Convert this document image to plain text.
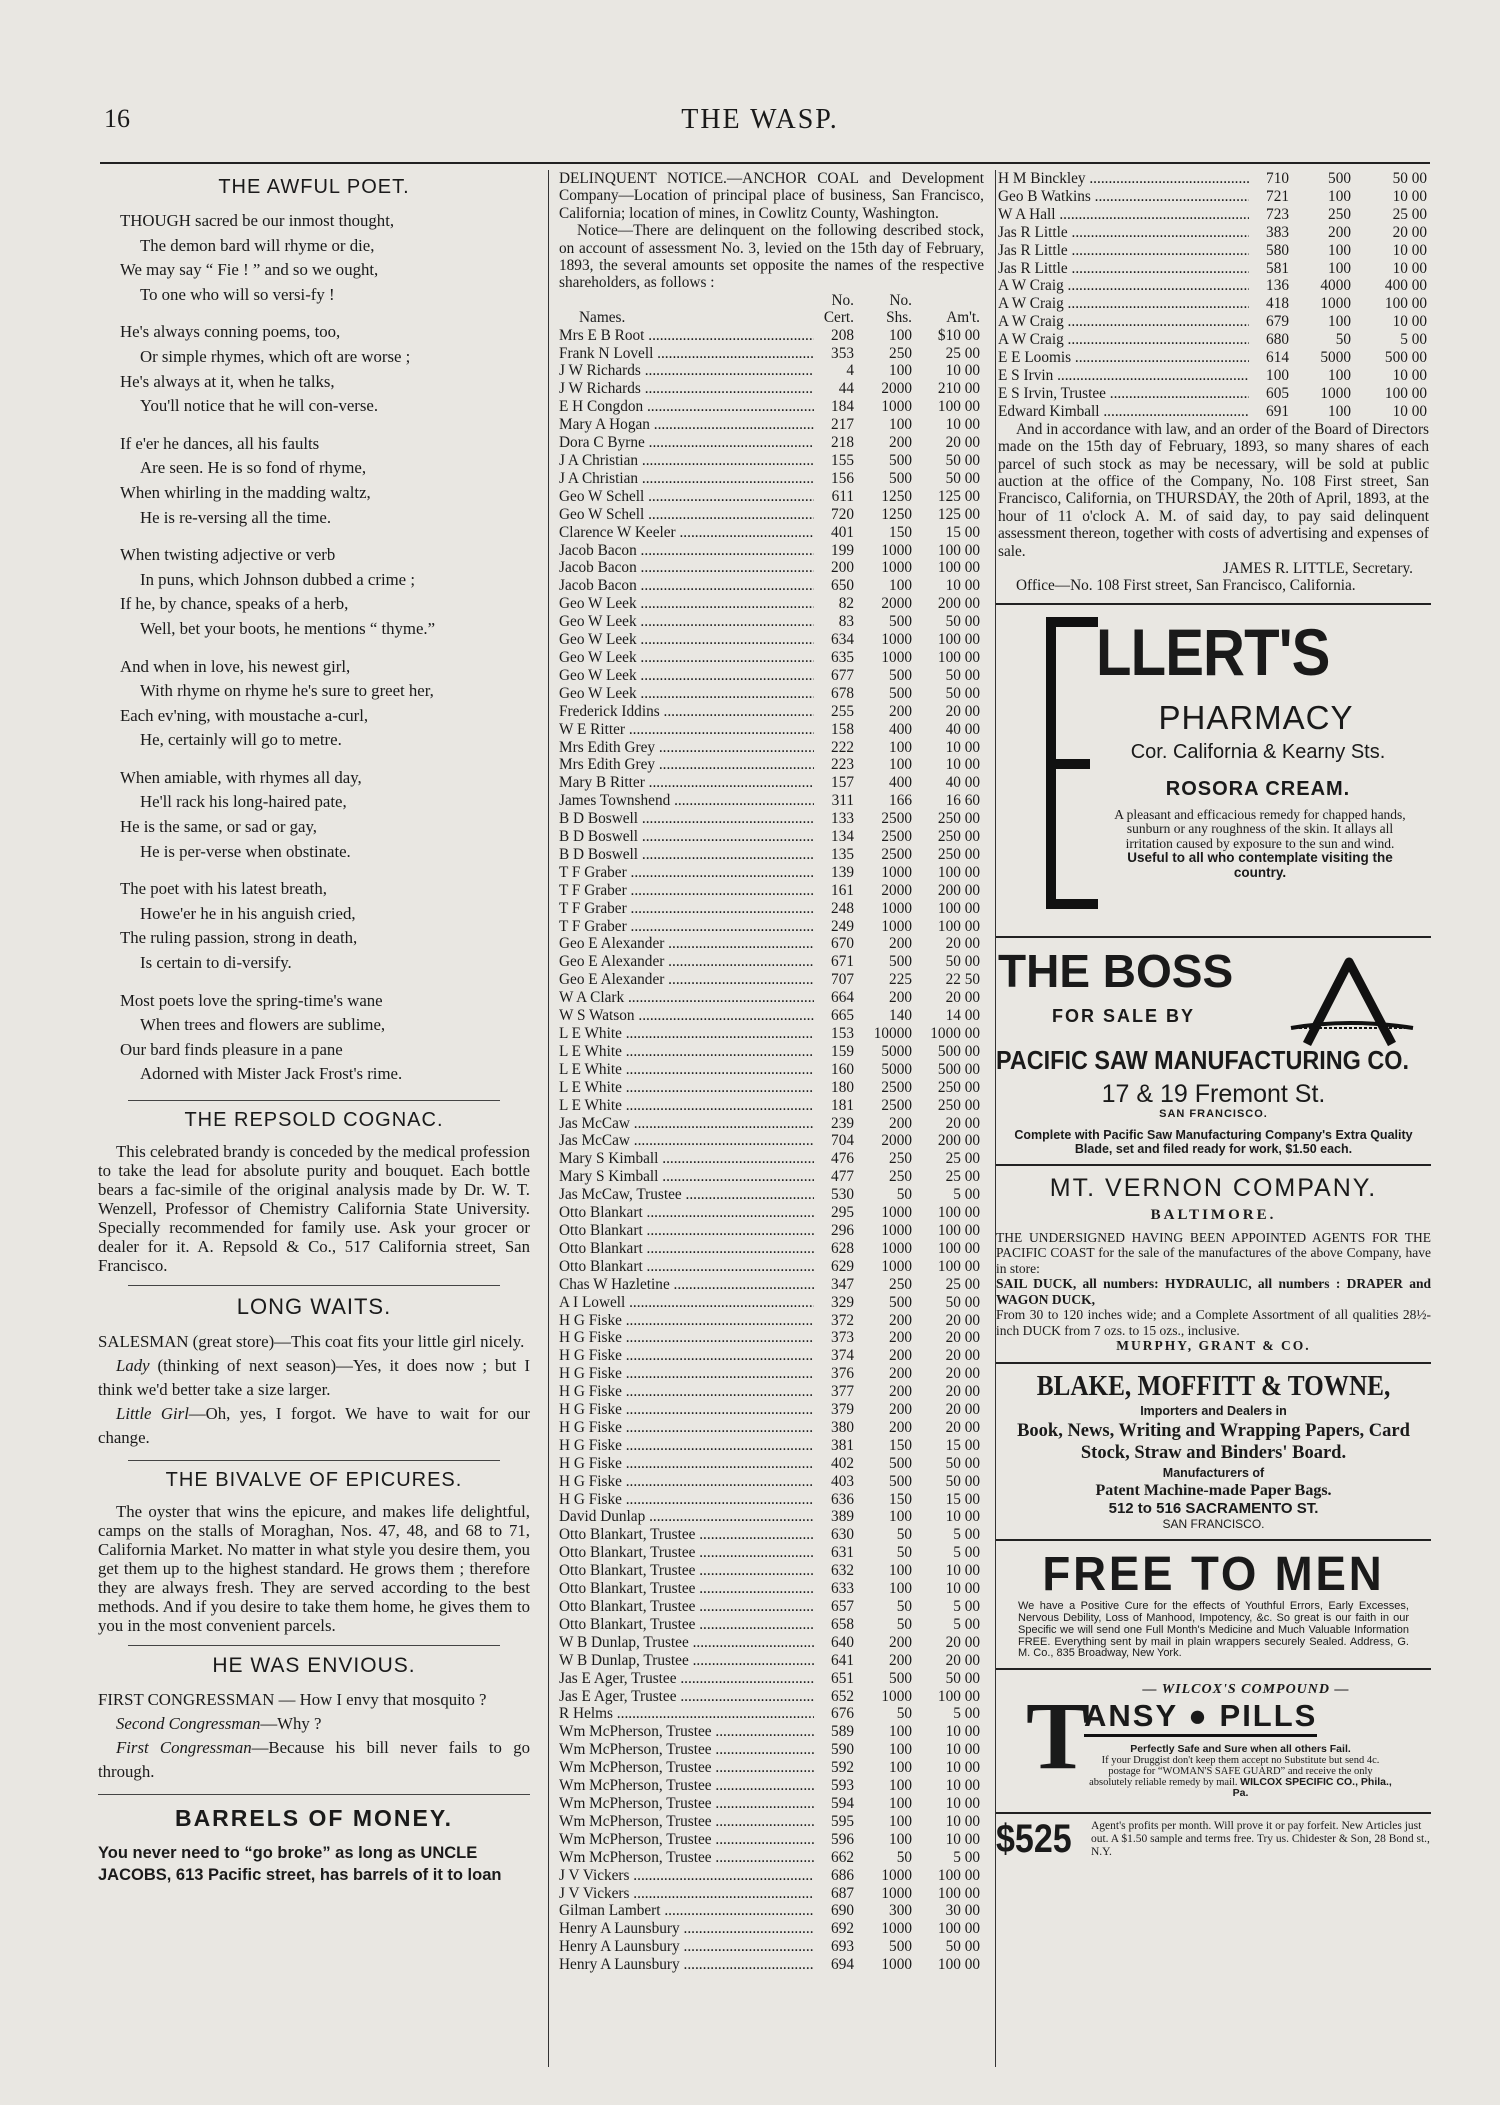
16	THE WASP.
THE AWFUL POET.

THOUGH sacred be our inmost thought,

The demon bard will rhyme or die,

We may say “ Fie ! ” and so we ought,

To one who will so versi-fy !

He's always conning poems, too,

Or simple rhymes, which oft are worse ;

He's always at it, when he talks,

You'll notice that he will con-verse.

If e'er he dances, all his faults

Are seen. He is so fond of rhyme,

When whirling in the madding waltz,

He is re-versing all the time.

When twisting adjective or verb

In puns, which Johnson dubbed a crime ;

If he, by chance, speaks of a herb,

Well, bet your boots, he mentions “ thyme.”

And when in love, his newest girl,

With rhyme on rhyme he's sure to greet her,

Each ev'ning, with moustache a-curl,

He, certainly will go to metre.

When amiable, with rhymes all day,

He'll rack his long-haired pate,

He is the same, or sad or gay,

He is per-verse when obstinate.

The poet with his latest breath,

Howe'er he in his anguish cried,

The ruling passion, strong in death,

Is certain to di-versify.

Most poets love the spring-time's wane

When trees and flowers are sublime,

Our bard finds pleasure in a pane

Adorned with Mister Jack Frost's rime.

THE REPSOLD COGNAC.

This celebrated brandy is conceded by the medical profession to take the lead for absolute purity and bouquet. Each bottle bears a fac-simile of the original analysis made by Dr. W. T. Wenzell, Professor of Chemistry California State University. Specially recommended for family use. Ask your grocer or dealer for it. A. Repsold & Co., 517 California street, San Francisco.

LONG WAITS.

SALESMAN (great store)—This coat fits your little girl nicely.

Lady (thinking of next season)—Yes, it does now ; but I think we'd better take a size larger.

Little Girl—Oh, yes, I forgot. We have to wait for our change.

THE BIVALVE OF EPICURES.

The oyster that wins the epicure, and makes life delightful, camps on the stalls of Moraghan, Nos. 47, 48, and 68 to 71, California Market. No matter in what style you desire them, you get them up to the highest standard. He grows them ; therefore they are always fresh. They are served according to the best methods. And if you desire to take them home, he gives them to you in the most convenient parcels.

HE WAS ENVIOUS.

FIRST CONGRESSMAN — How I envy that mosquito ?

Second Congressman—Why ?

First Congressman—Because his bill never fails to go through.

BARRELS OF MONEY.

You never need to “go broke” as long as UNCLE JACOBS, 613 Pacific street, has barrels of it to loan

DELINQUENT NOTICE.—ANCHOR COAL and Development Company—Location of principal place of business, San Francisco, California; location of mines, in Cowlitz County, Washington.

Notice—There are delinquent on the following described stock, on account of assessment No. 3, levied on the 15th day of February, 1893, the several amounts set opposite the names of the respective shareholders, as follows :

No.	No.
Names.	Cert.	Shs.	Am't.
Mrs E B Root .....	208	100	$10 00
Frank N Lovell .....	353	250	25 00
J W Richards .....	4	100	10 00
J W Richards .....	44	2000	210 00
E H Congdon .....	184	1000	100 00
Mary A Hogan .....	217	100	10 00
Dora C Byrne .....	218	200	20 00
J A Christian .....	155	500	50 00
J A Christian .....	156	500	50 00
Geo W Schell .....	611	1250	125 00
Geo W Schell .....	720	1250	125 00
Clarence W Keeler .....	401	150	15 00
Jacob Bacon .....	199	1000	100 00
Jacob Bacon .....	200	1000	100 00
Jacob Bacon .....	650	100	10 00
Geo W Leek .....	82	2000	200 00
Geo W Leek .....	83	500	50 00
Geo W Leek .....	634	1000	100 00
Geo W Leek .....	635	1000	100 00
Geo W Leek .....	677	500	50 00
Geo W Leek .....	678	500	50 00
Frederick Iddins .....	255	200	20 00
W E Ritter .....	158	400	40 00
Mrs Edith Grey .....	222	100	10 00
Mrs Edith Grey .....	223	100	10 00
Mary B Ritter .....	157	400	40 00
James Townshend .....	311	166	16 60
B D Boswell .....	133	2500	250 00
B D Boswell .....	134	2500	250 00
B D Boswell .....	135	2500	250 00
T F Graber .....	139	1000	100 00
T F Graber .....	161	2000	200 00
T F Graber .....	248	1000	100 00
T F Graber .....	249	1000	100 00
Geo E Alexander .....	670	200	20 00
Geo E Alexander .....	671	500	50 00
Geo E Alexander .....	707	225	22 50
W A Clark .....	664	200	20 00
W S Watson .....	665	140	14 00
L E White .....	153	10000	1000 00
L E White .....	159	5000	500 00
L E White .....	160	5000	500 00
L E White .....	180	2500	250 00
L E White .....	181	2500	250 00
Jas McCaw .....	239	200	20 00
Jas McCaw .....	704	2000	200 00
Mary S Kimball .....	476	250	25 00
Mary S Kimball .....	477	250	25 00
Jas McCaw, Trustee .....	530	50	5 00
Otto Blankart .....	295	1000	100 00
Otto Blankart .....	296	1000	100 00
Otto Blankart .....	628	1000	100 00
Otto Blankart .....	629	1000	100 00
Chas W Hazletine .....	347	250	25 00
A I Lowell .....	329	500	50 00
H G Fiske .....	372	200	20 00
H G Fiske .....	373	200	20 00
H G Fiske .....	374	200	20 00
H G Fiske .....	376	200	20 00
H G Fiske .....	377	200	20 00
H G Fiske .....	379	200	20 00
H G Fiske .....	380	200	20 00
H G Fiske .....	381	150	15 00
H G Fiske .....	402	500	50 00
H G Fiske .....	403	500	50 00
H G Fiske .....	636	150	15 00
David Dunlap .....	389	100	10 00
Otto Blankart, Trustee .....	630	50	5 00
Otto Blankart, Trustee .....	631	50	5 00
Otto Blankart, Trustee .....	632	100	10 00
Otto Blankart, Trustee .....	633	100	10 00
Otto Blankart, Trustee .....	657	50	5 00
Otto Blankart, Trustee .....	658	50	5 00
W B Dunlap, Trustee .....	640	200	20 00
W B Dunlap, Trustee .....	641	200	20 00
Jas E Ager, Trustee .....	651	500	50 00
Jas E Ager, Trustee .....	652	1000	100 00
R Helms .....	676	50	5 00
Wm McPherson, Trustee .....	589	100	10 00
Wm McPherson, Trustee .....	590	100	10 00
Wm McPherson, Trustee .....	592	100	10 00
Wm McPherson, Trustee .....	593	100	10 00
Wm McPherson, Trustee .....	594	100	10 00
Wm McPherson, Trustee .....	595	100	10 00
Wm McPherson, Trustee .....	596	100	10 00
Wm McPherson, Trustee .....	662	50	5 00
J V Vickers .....	686	1000	100 00
J V Vickers .....	687	1000	100 00
Gilman Lambert .....	690	300	30 00
Henry A Launsbury .....	692	1000	100 00
Henry A Launsbury .....	693	500	50 00
Henry A Launsbury .....	694	1000	100 00
H M Binckley .....	710	500	50 00
Geo B Watkins .....	721	100	10 00
W A Hall .....	723	250	25 00
Jas R Little .....	383	200	20 00
Jas R Little .....	580	100	10 00
Jas R Little .....	581	100	10 00
A W Craig .....	136	4000	400 00
A W Craig .....	418	1000	100 00
A W Craig .....	679	100	10 00
A W Craig .....	680	50	5 00
E E Loomis .....	614	5000	500 00
E S Irvin .....	100	100	10 00
E S Irvin, Trustee .....	605	1000	100 00
Edward Kimball .....	691	100	10 00

And in accordance with law, and an order of the Board of Directors made on the 15th day of February, 1893, so many shares of each parcel of such stock as may be necessary, will be sold at public auction at the office of the Company, No. 108 First street, San Francisco, California, on THURSDAY, the 20th of April, 1893, at the hour of 11 o'clock A. M. of said day, to pay said delinquent assessment thereon, together with costs of advertising and expenses of sale.

JAMES R. LITTLE, Secretary.

Office—No. 108 First street, San Francisco, California.

LLERT'S
PHARMACY
Cor. California & Kearny Sts.
ROSORA CREAM.
A pleasant and efficacious remedy for chapped hands, sunburn or any roughness of the skin. It allays all irritation caused by exposure to the sun and wind. Useful to all who contemplate visiting the country.
THE BOSS
FOR SALE BY
PACIFIC SAW MANUFACTURING CO.
17 & 19 Fremont St.
SAN FRANCISCO.
Complete with Pacific Saw Manufacturing Company's Extra Quality Blade, set and filed ready for work, $1.50 each.
MT. VERNON COMPANY.
BALTIMORE.

THE UNDERSIGNED HAVING BEEN APPOINTED AGENTS FOR THE PACIFIC COAST for the sale of the manufactures of the above Company, have in store:

SAIL DUCK, all numbers: HYDRAULIC, all numbers : DRAPER and WAGON DUCK,

From 30 to 120 inches wide; and a Complete Assortment of all qualities 28½-inch DUCK from 7 ozs. to 15 ozs., inclusive.

MURPHY, GRANT & CO.
BLAKE, MOFFITT & TOWNE,
Importers and Dealers in
Book, News, Writing and Wrapping Papers, Card Stock, Straw and Binders' Board.
Manufacturers of
Patent Machine-made Paper Bags.
512 to 516 SACRAMENTO ST.
SAN FRANCISCO.
FREE TO MEN

We have a Positive Cure for the effects of Youthful Errors, Early Excesses, Nervous Debility, Loss of Manhood, Impotency, &c. So great is our faith in our Specific we will send one Full Month's Medicine and Much Valuable Information FREE. Everything sent by mail in plain wrappers securely Sealed. Address, G. M. Co., 835 Broadway, New York.

T	— WILCOX'S COMPOUND —
ANSY ● PILLS
Perfectly Safe and Sure when all others Fail.
If your Druggist don't keep them accept no Substitute but send 4c. postage for “WOMAN'S SAFE GUARD” and receive the only absolutely reliable remedy by mail. WILCOX SPECIFIC CO., Phila., Pa.
$525 Agent's profits per month. Will prove it or pay forfeit. New Articles just out. A $1.50 sample and terms free. Try us. Chidester & Son, 28 Bond st., N.Y.
